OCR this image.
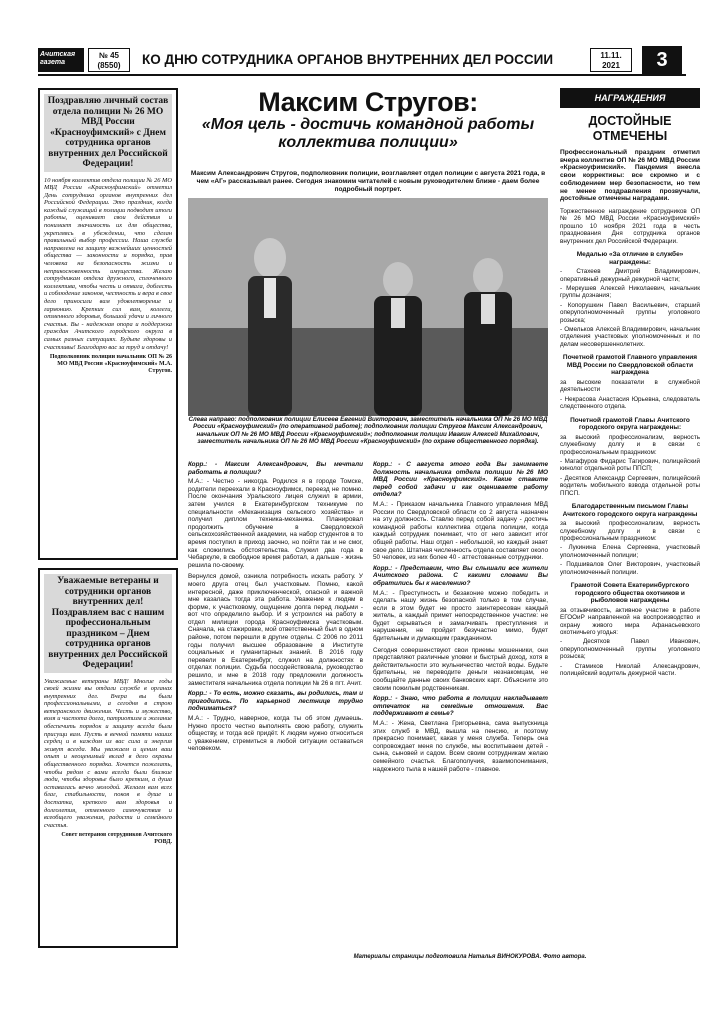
Ачитская
газета
№ 45
(8550)	КО ДНЮ СОТРУДНИКА ОРГАНОВ ВНУТРЕННИХ ДЕЛ РОССИИ	11.11.
2021	3
Поздравляю личный состав отдела полиции № 26 МО МВД России «Красноуфимский» с Днем сотрудника органов внутренних дел Российской Федерации!
10 ноября коллектив отдела полиции № 26 МО МВД России «Красноуфимский» отметил День сотрудника органов внутренних дел Российской Федерации. Это праздник, когда каждый служащий в полиции подводит итоги работы, оценивает свои действия и понимает значимость их для общества, укрепляясь в убеждении, что сделан правильный выбор профессии. Наша служба направлена на защиту важнейших ценностей общества — законности и порядка, прав человека на безопасность жизни и неприкосновенность имущества. Желаю сотрудникам отдела дружного, сплоченного коллектива, чтобы честь и отвага, доблесть и соблюдение законов, честность и вера в свое дело приносили вам удовлетворение и гармонию. Крепких сил вам, коллеги, отменного здоровья, большой удачи и личного счастья. Вы - надежная опора и поддержка граждан Ачитского городского округа в самых разных ситуациях. Будьте здоровы и счастливы! Благодарю вас за труд и отдачу!
Подполковник полиции начальник ОП № 26 МО МВД России «Красноуфимский» М.А. Стругов.
Уважаемые ветераны и сотрудники органов внутренних дел! Поздравляем вас с нашим профессиональным праздником – Днем сотрудника органов внутренних дел Российской Федерации!
Уважаемые ветераны МВД! Многие годы своей жизни вы отдали службе в органах внутренних дел. Вчера вы были профессиональными, а сегодня в строю ветеранского движения. Честь и мужество, воля и чистота долга, патриотизм и желание обеспечить порядок и защиту всегда были присущи вам. Пусть в вечной памяти наших сердец и в каждом из вас сила и энергия живут всегда. Мы уважаем и ценим ваш опыт и неоценимый вклад в дело охраны общественного порядка. Хочется пожелать, чтобы рядом с вами всегда были близкие люди, чтобы здоровье было крепким, а душа оставалась вечно молодой. Желаем вам всех благ, стабильности, покоя в душе и достатка, крепкого вам здоровья и долголетия, отменного самочувствия и всеобщего уважения, радости и семейного счастья.
Совет ветеранов сотрудников Ачитского РОВД.
Максим Стругов:
«Моя цель - достичь командной работы коллектива полиции»
Максим Александрович Стругов, подполковник полиции, возглавляет отдел полиции с августа 2021 года, в чем «АГ» рассказывал ранее. Сегодня знакомим читателей с новым руководителем ближе - даем более подробный портрет.
Слева направо: подполковник полиции Елисеев Евгений Викторович, заместитель начальника ОП № 26 МО МВД России «Красноуфимский» (по оперативной работе); подполковник полиции Стругов Максим Александрович, начальник ОП № 26 МО МВД России «Красноуфимский»; подполковник полиции Ивакин Алексей Михайлович, заместитель начальника ОП № 26 МО МВД России «Красноуфимский» (по охране общественного порядка).
Корр.: - Максим Александрович, Вы мечтали работать в полиции?
М.А.: - Честно - никогда. Родился я в городе Томске, родители переехали в Красноуфимск, переезд не помню. После окончания Уральского лицея служил в армии, затем учился в Екатеринбургском техникуме по специальности «Механизация сельского хозяйства» и получил диплом техника-механика. Планировал продолжить обучение в Свердловской сельскохозяйственной академии, на набор студентов в то время поступил в приход заочно, но пойти так и не смог, как сложились обстоятельства. Служил два года в Чебаркуле, в свободное время работал, а дальше - жизнь решила по-своему.
Вернулся домой, озникла потребность искать работу. У моего друга отец был участковым. Помню, какой интересной, даже приключенческой, опасной и важной мне казалась тогда эта работа. Уважение к людям в форме, к участковому, ощущение долга перед людьми - вот что определило выбор. И я устроился на работу в отдел милиции города Красноуфимска участковым. Сначала, на стажировке, мой ответственный был в одном районе, потом перешли в другие отделы. С 2006 по 2011 годы получил высшее образование в Институте социальных и гуманитарных знаний. В 2016 году перевели в Екатеринбург, служил на должностях в отделах полиции. Судьба посодействовала, руководство решило, и мне в 2018 году предложили должность заместителя начальника отдела полиции № 26 в пгт. Ачит.
Корр.: - То есть, можно сказать, вы родились, там и пригодились. По карьерной лестнице трудно подниматься?
М.А.: - Трудно, наверное, когда ты об этом думаешь. Нужно просто честно выполнять свою работу, служить обществу, и тогда всё придёт. К людям нужно относиться с уважением, стремиться в любой ситуации оставаться человеком.
Корр.: - С августа этого года Вы занимаете должность начальника отдела полиции №26 МО МВД России «Красноуфимский». Какие ставите перед собой задачи и как оцениваете работу отдела?
М.А.: - Приказом начальника Главного управления МВД России по Свердловской области со 2 августа назначен на эту должность. Ставлю перед собой задачу - достичь командной работы коллектива отдела полиции, когда каждый сотрудник понимает, что от него зависит итог общей работы. Наш отдел - небольшой, но каждый знает свое дело. Штатная численность отдела составляет около 50 человек, из них более 40 - аттестованные сотрудники.
Корр.: - Представим, что Вы слышали все жители Ачитского района. С какими словами Вы обратились бы к населению?
М.А.: - Преступность и безаконие можно победить и сделать нашу жизнь безопасной только в том случае, если в этом будет не просто заинтересован каждый житель, а каждый примет непосредственное участие: не будет скрываться и замалчивать преступления и нарушения, не пройдет безучастно мимо, будет бдительным и думающим гражданином.
Сегодня совершенствуют свои приемы мошенники, они представляют различные уловки и быстрый доход, хотя в действительности это жульничество чистой воды. Будьте бдительны, не переводите деньги незнакомцам, не сообщайте данные своих банковских карт. Объясните это своим пожилым родственникам.
Корр.: - Знаю, что работа в полиции накладывает отпечаток на семейные отношения. Вас поддерживают в семье?
М.А.: - Жена, Светлана Григорьевна, сама выпускница этих служб в МВД, вышла на пенсию, и поэтому прекрасно понимает, какая у меня служба. Теперь она сопровождает меня по службе, мы воспитываем детей - сына, сыновей и садом. Всем своим сотрудникам желаю семейного счастья. Благополучия, взаимопонимания, надежного тыла в нашей работе - главное.
Материалы страницы подготовила Наталья ВИНОКУРОВА. Фото автора.
НАГРАЖДЕНИЯ
ДОСТОЙНЫЕ ОТМЕЧЕНЫ
Профессиональный праздник отметил вчера коллектив ОП № 26 МО МВД России «Красноуфимский». Пандемия внесла свои коррективы: все скромно и с соблюдением мер безопасности, но тем не менее поздравления прозвучали, достойные отмечены наградами.
Торжественное награждение сотрудников ОП № 26 МО МВД России «Красноуфимский» прошло 10 ноября 2021 года в честь празднования Дня сотрудника органов внутренних дел Российской Федерации.
Медалью «За отличие в службе» награждены:
- Стахеев Дмитрий Владимирович, оперативный дежурный дежурной части;
- Меркушев Алексей Николаевич, начальник группы дознания;
- Копорушкин Павел Васильевич, старший оперуполномоченный группы уголовного розыска;
- Омельков Алексей Владимирович, начальник отделения участковых уполномоченных и по делам несовершеннолетних.
Почетной грамотой Главного управления МВД России по Свердловской области награждена
за высокие показатели в служебной деятельности
- Некрасова Анастасия Юрьевна, следователь следственного отдела.
Почетной грамотой Главы Ачитского городского округа награждены:
за высокий профессионализм, верность служебному долгу и в связи с профессиональным праздником:
- Магафуров Фидарис Тагирович, полицейский кинолог отдельной роты ППСП;
- Десятков Александр Сергеевич, полицейский водитель мобильного взвода отдельной роты ППСП.
Благодарственным письмом Главы Ачитского городского округа награждены
за высокий профессионализм, верность служебному долгу и в связи с профессиональным праздником:
- Лукинина Елена Сергеевна, участковый уполномоченный полиции;
- Подшивалов Олег Викторович, участковый уполномоченный полиции.
Грамотой Совета Екатеринбургского городского общества охотников и рыболовов награждены
за отзывчивость, активное участие в работе ЕГООиР направленной на воспроизводство и охрану живого мира Афанасьевского охотничьего угодья:
- Десятков Павел Иванович, оперуполномоченный группы уголовного розыска;
- Стамиков Николай Александрович, полицейский водитель дежурной части.
